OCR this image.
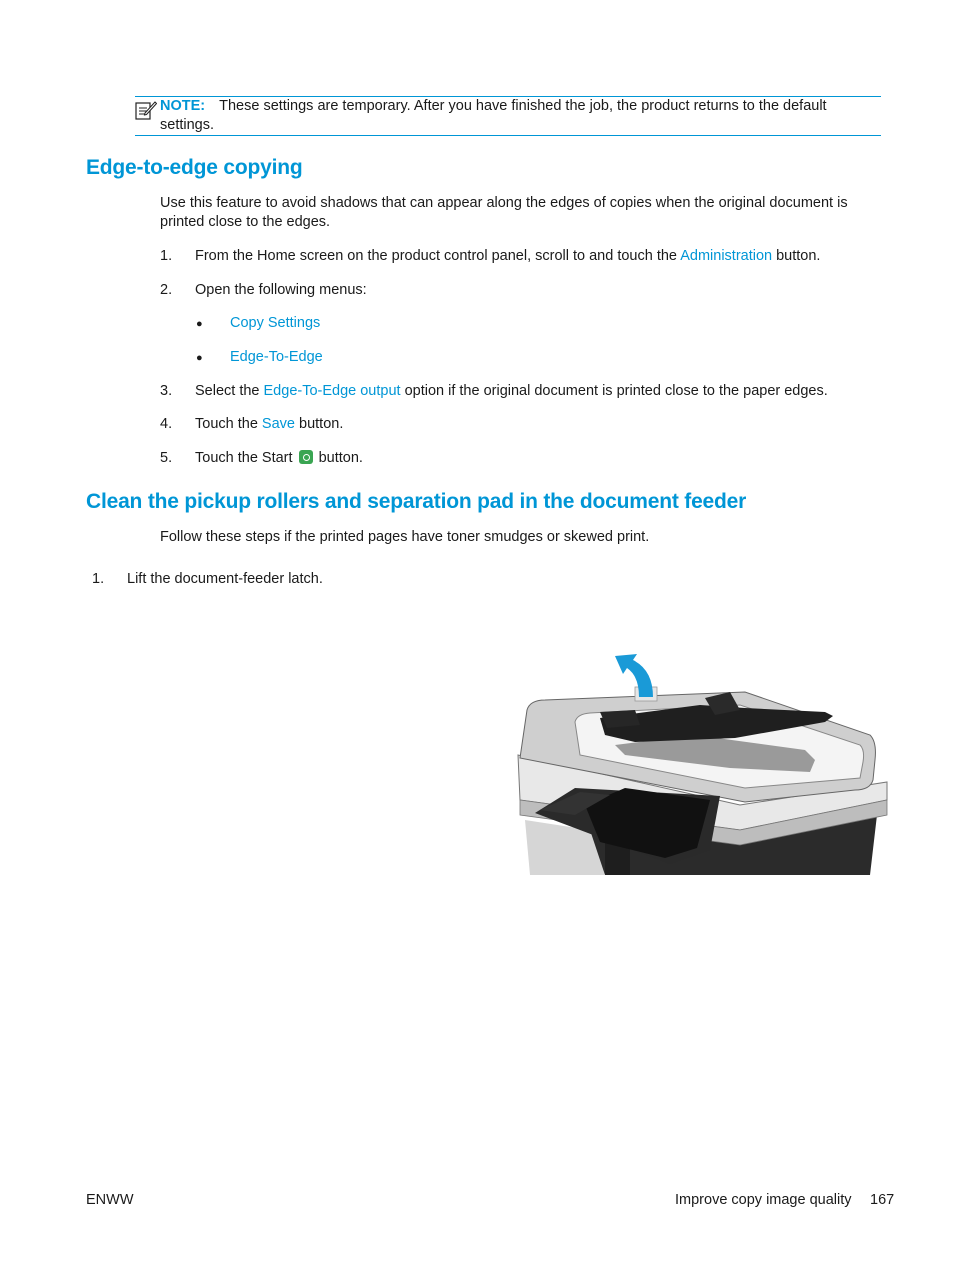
NOTE: These settings are temporary. After you have finished the job, the product returns to the default settings.
Edge-to-edge copying
Use this feature to avoid shadows that can appear along the edges of copies when the original document is printed close to the edges.
1. From the Home screen on the product control panel, scroll to and touch the Administration button.
2. Open the following menus:
● Copy Settings
● Edge-To-Edge
3. Select the Edge-To-Edge output option if the original document is printed close to the paper edges.
4. Touch the Save button.
5. Touch the Start  button.
Clean the pickup rollers and separation pad in the document feeder
Follow these steps if the printed pages have toner smudges or skewed print.
1. Lift the document-feeder latch.
ENWW	Improve copy image quality 167
